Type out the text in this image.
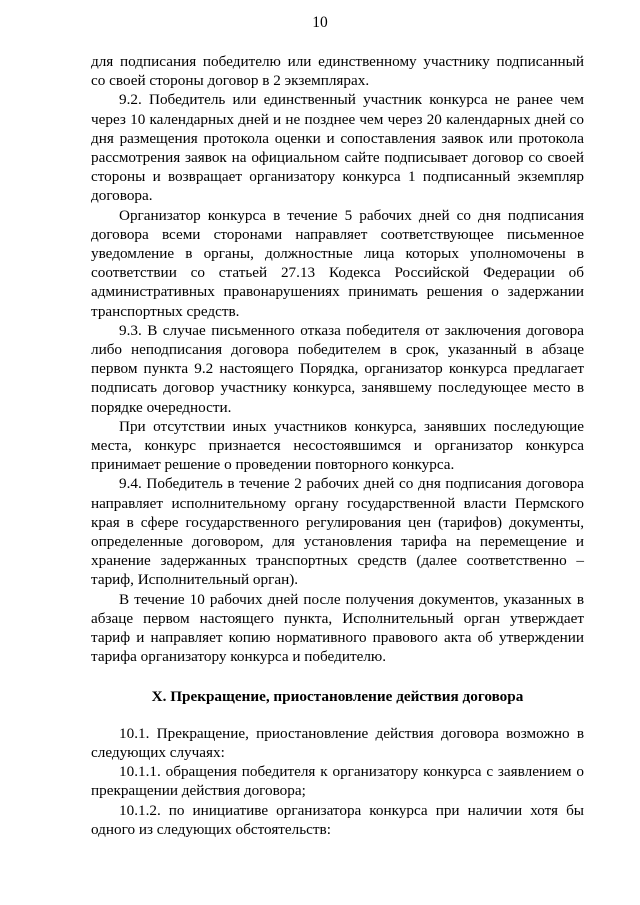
10

для подписания победителю или единственному участнику подписанный со своей стороны договор в 2 экземплярах.

9.2. Победитель или единственный участник конкурса не ранее чем через 10 календарных дней и не позднее чем через 20 календарных дней со дня размещения протокола оценки и сопоставления заявок или протокола рассмотрения заявок на официальном сайте подписывает договор со своей стороны и возвращает организатору конкурса 1 подписанный экземпляр договора.

Организатор конкурса в течение 5 рабочих дней со дня подписания договора всеми сторонами направляет соответствующее письменное уведомление в органы, должностные лица которых уполномочены в соответствии со статьей 27.13 Кодекса Российской Федерации об административных правонарушениях принимать решения о задержании транспортных средств.

9.3. В случае письменного отказа победителя от заключения договора либо неподписания договора победителем в срок, указанный в абзаце первом пункта 9.2 настоящего Порядка, организатор конкурса предлагает подписать договор участнику конкурса, занявшему последующее место в порядке очередности.

При отсутствии иных участников конкурса, занявших последующие места, конкурс признается несостоявшимся и организатор конкурса принимает решение о проведении повторного конкурса.

9.4. Победитель в течение 2 рабочих дней со дня подписания договора направляет исполнительному органу государственной власти Пермского края в сфере государственного регулирования цен (тарифов) документы, определенные договором, для установления тарифа на перемещение и хранение задержанных транспортных средств (далее соответственно – тариф, Исполнительный орган).

В течение 10 рабочих дней после получения документов, указанных в абзаце первом настоящего пункта, Исполнительный орган утверждает тариф и направляет копию нормативного правового акта об утверждении тарифа организатору конкурса и победителю.

X. Прекращение, приостановление действия договора

10.1. Прекращение, приостановление действия договора возможно в следующих случаях:

10.1.1. обращения победителя к организатору конкурса с заявлением о прекращении действия договора;

10.1.2. по инициативе организатора конкурса при наличии хотя бы одного из следующих обстоятельств:
